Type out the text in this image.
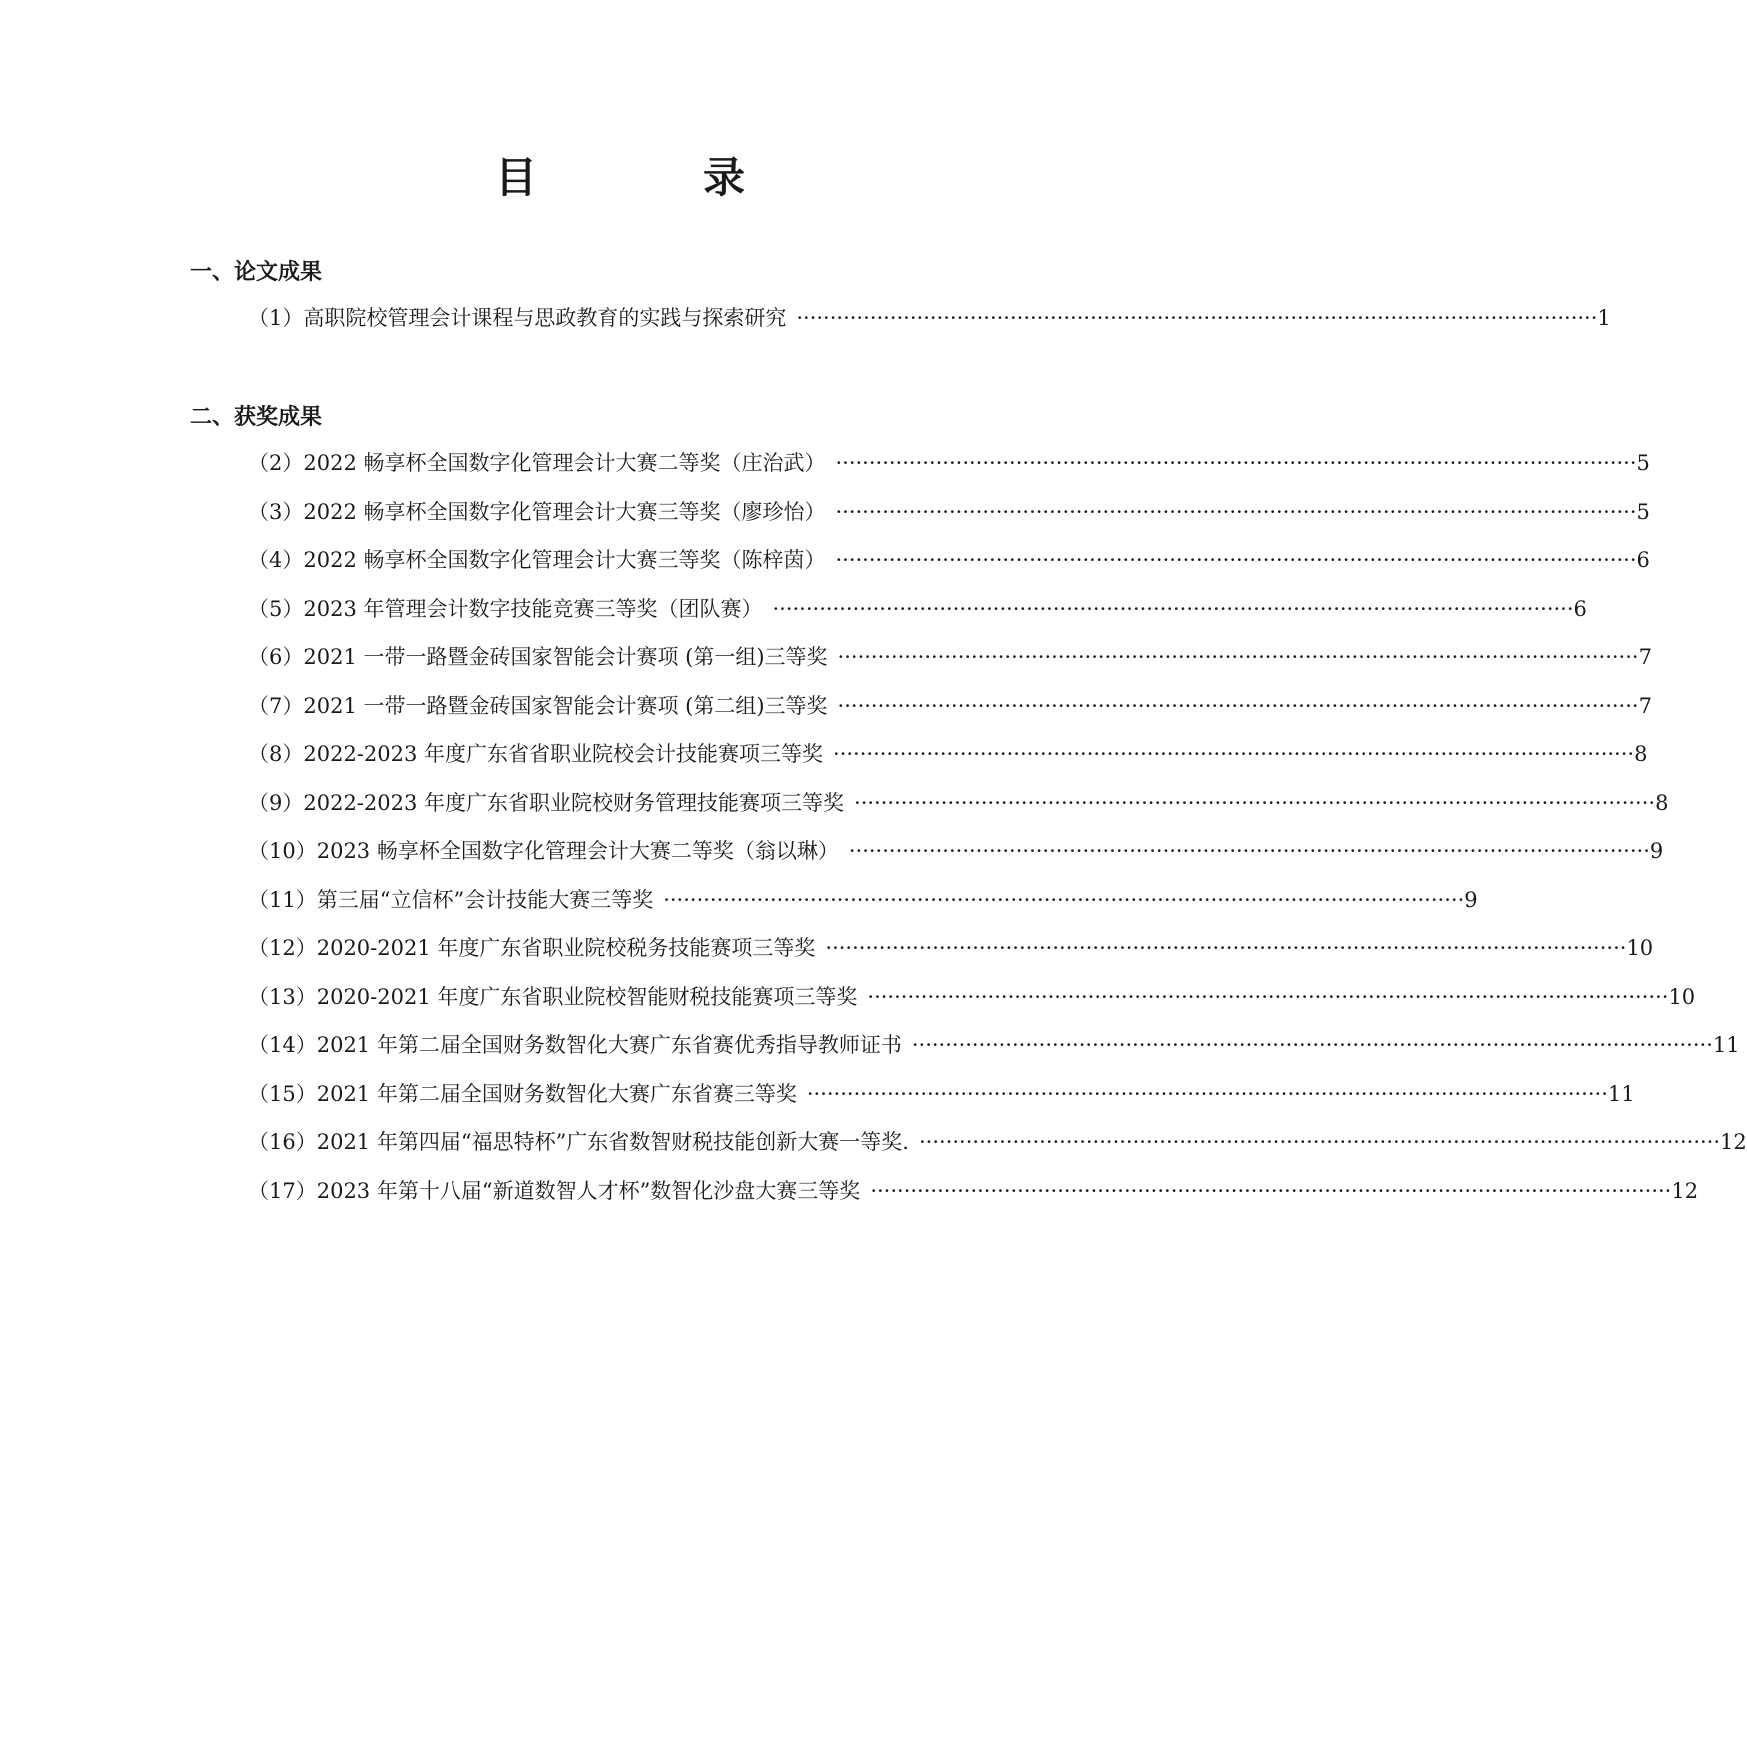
目　录
一、论文成果
（1）高职院校管理会计课程与思政教育的实践与探索研究 ························································································································ 1
二、获奖成果
（2）2022 畅享杯全国数字化管理会计大赛二等奖（庄治武） ························································································································ 5
（3）2022 畅享杯全国数字化管理会计大赛三等奖（廖珍怡） ························································································································ 5
（4）2022 畅享杯全国数字化管理会计大赛三等奖（陈梓茵） ························································································································ 6
（5）2023 年管理会计数字技能竞赛三等奖（团队赛） ························································································································ 6
（6）2021 一带一路暨金砖国家智能会计赛项 (第一组)三等奖 ························································································································ 7
（7）2021 一带一路暨金砖国家智能会计赛项 (第二组)三等奖 ························································································································ 7
（8）2022-2023 年度广东省省职业院校会计技能赛项三等奖 ························································································································ 8
（9）2022-2023 年度广东省职业院校财务管理技能赛项三等奖 ························································································································ 8
（10）2023 畅享杯全国数字化管理会计大赛二等奖（翁以琳） ························································································································ 9
（11）第三届“立信杯”会计技能大赛三等奖 ························································································································ 9
（12）2020-2021 年度广东省职业院校税务技能赛项三等奖 ························································································································ 10
（13）2020-2021 年度广东省职业院校智能财税技能赛项三等奖 ························································································································ 10
（14）2021 年第二届全国财务数智化大赛广东省赛优秀指导教师证书 ························································································································ 11
（15）2021 年第二届全国财务数智化大赛广东省赛三等奖 ························································································································ 11
（16）2021 年第四届“福思特杯”广东省数智财税技能创新大赛一等奖. ························································································································ 12
（17）2023 年第十八届“新道数智人才杯”数智化沙盘大赛三等奖 ························································································································ 12
